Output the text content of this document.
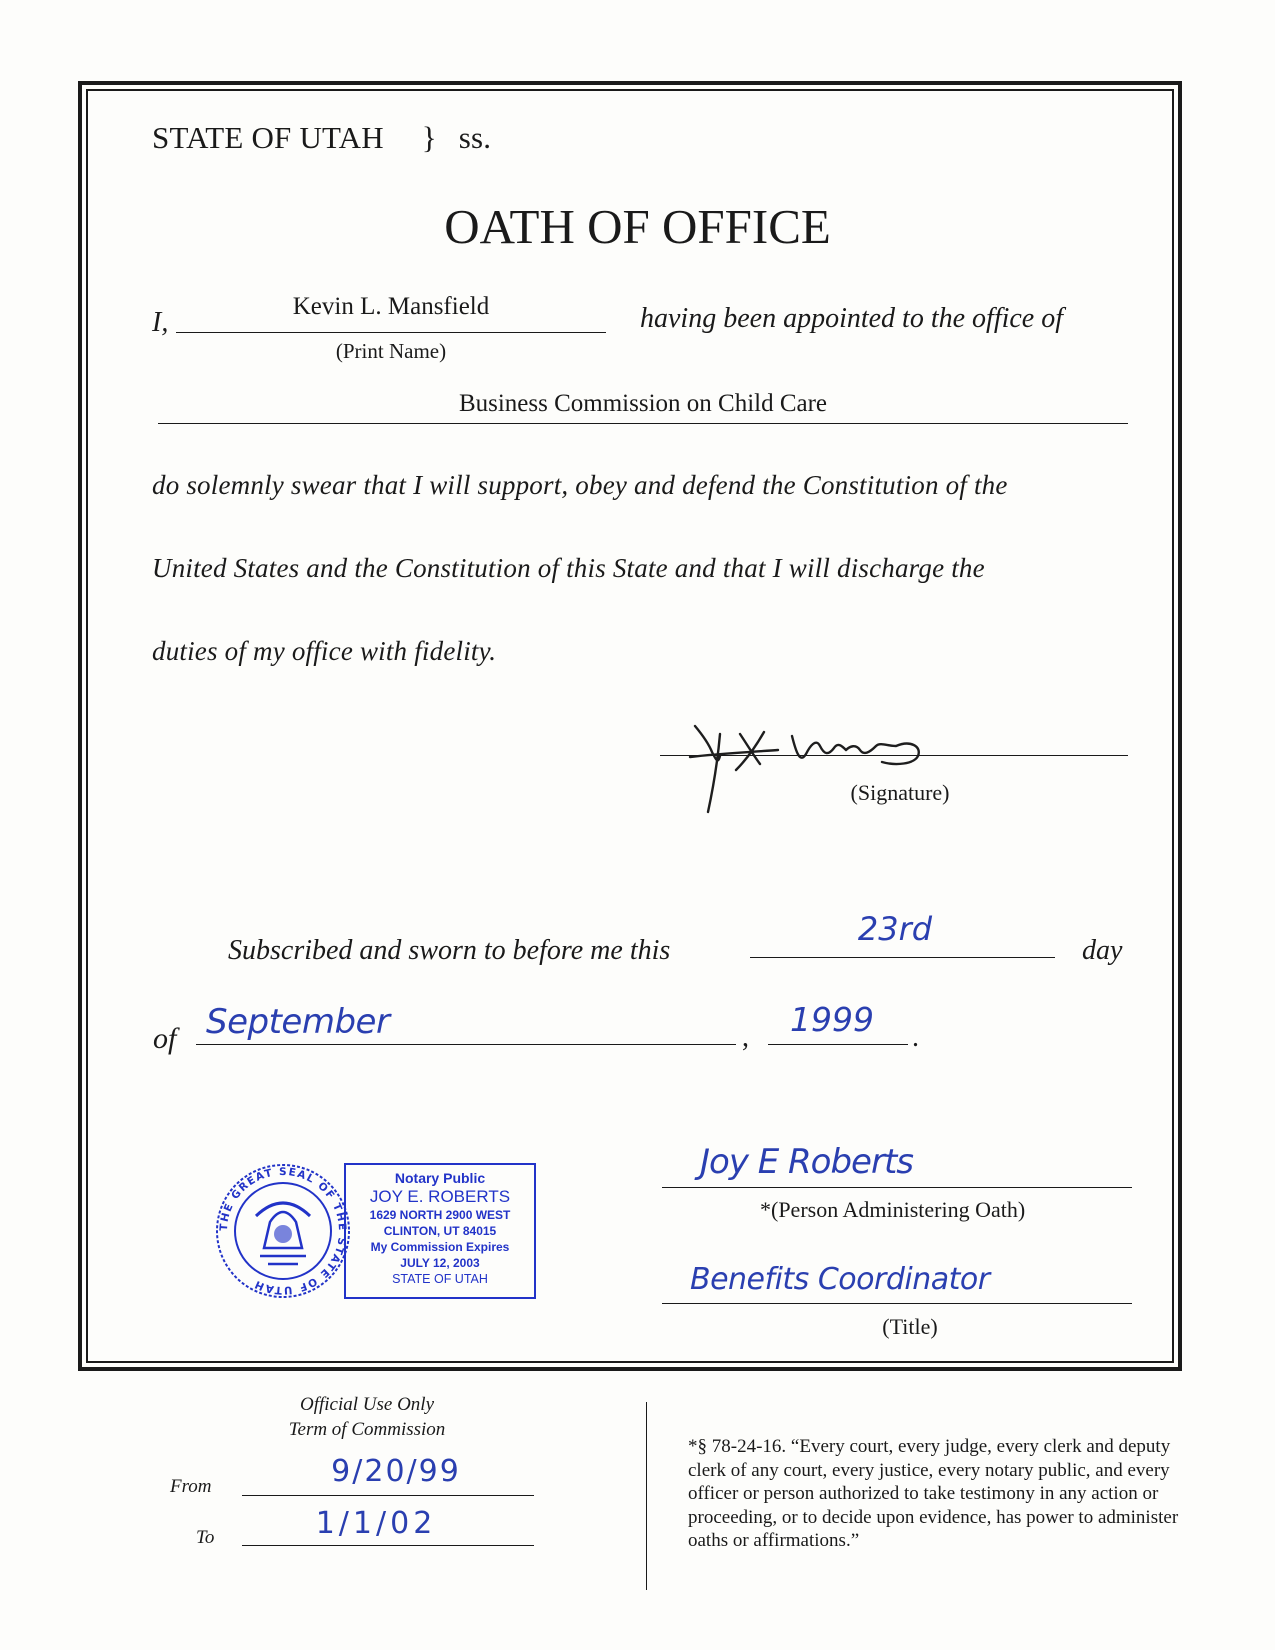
STATE OF UTAH } ss.
OATH OF OFFICE
I,
Kevin L. Mansfield
(Print Name)
having been appointed to the office of
Business Commission on Child Care
do solemnly swear that I will support, obey and defend the Constitution of the
United States and the Constitution of this State and that I will discharge the
duties of my office with fidelity.
(Signature)
Subscribed and sworn to before me this
23rd
day
of September	, 1999	.
THE GREAT SEAL OF THE STATE OF UTAH
Notary Public
JOY E. ROBERTS
1629 NORTH 2900 WEST
CLINTON, UT 84015
My Commission Expires
JULY 12, 2003
STATE OF UTAH
Joy E Roberts
*(Person Administering Oath)
Benefits Coordinator
(Title)
Official Use Only
Term of Commission
From	9/20/99
To	1/1/02
*§ 78-24-16. “Every court, every judge, every clerk and deputy clerk of any court, every justice, every notary public, and every officer or person authorized to take testimony in any action or proceeding, or to decide upon evidence, has power to administer oaths or affirmations.”
